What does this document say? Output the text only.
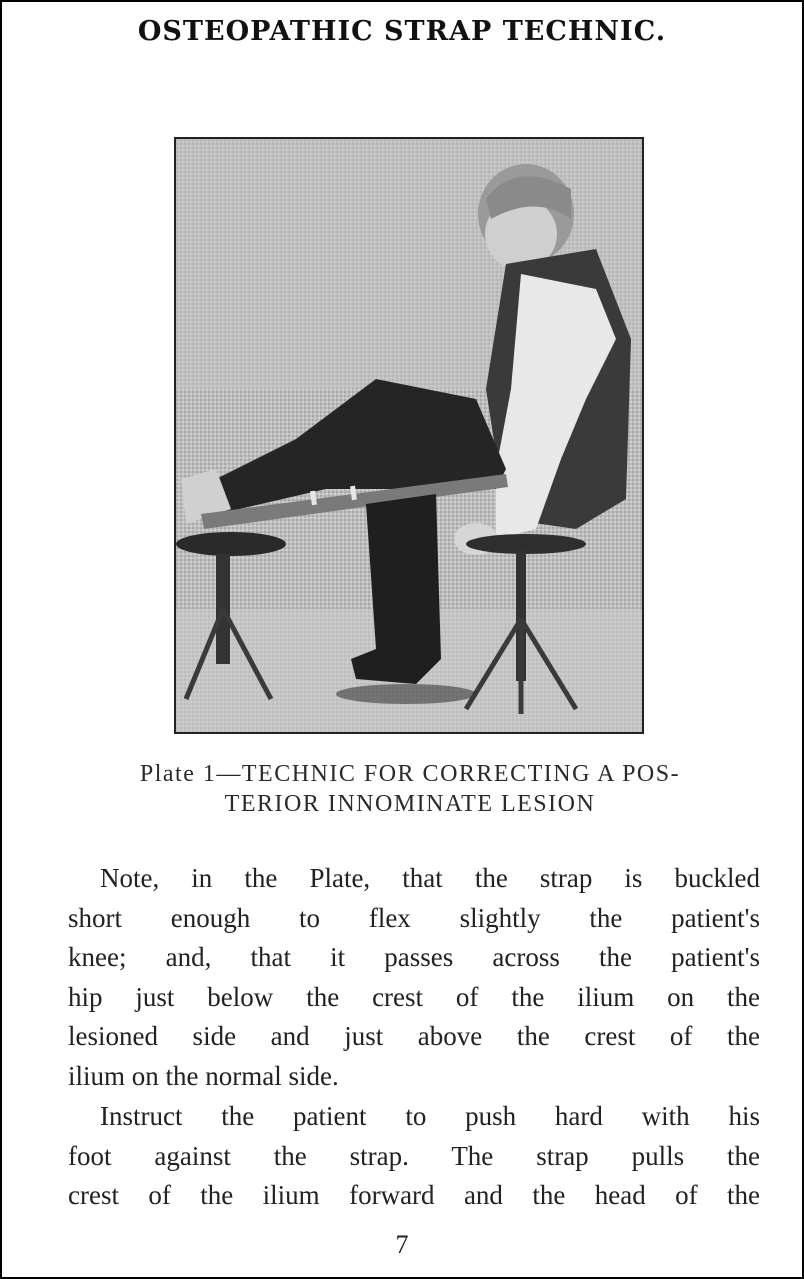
OSTEOPATHIC STRAP TECHNIC.
Plate 1—TECHNIC FOR CORRECTING A POS-
TERIOR INNOMINATE LESION
Note, in the Plate, that the strap is buckled
short enough to flex slightly the patient's
knee; and, that it passes across the patient's
hip just below the crest of the ilium on the
lesioned side and just above the crest of the
ilium on the normal side.
Instruct the patient to push hard with his
foot against the strap. The strap pulls the
crest of the ilium forward and the head of the
7
